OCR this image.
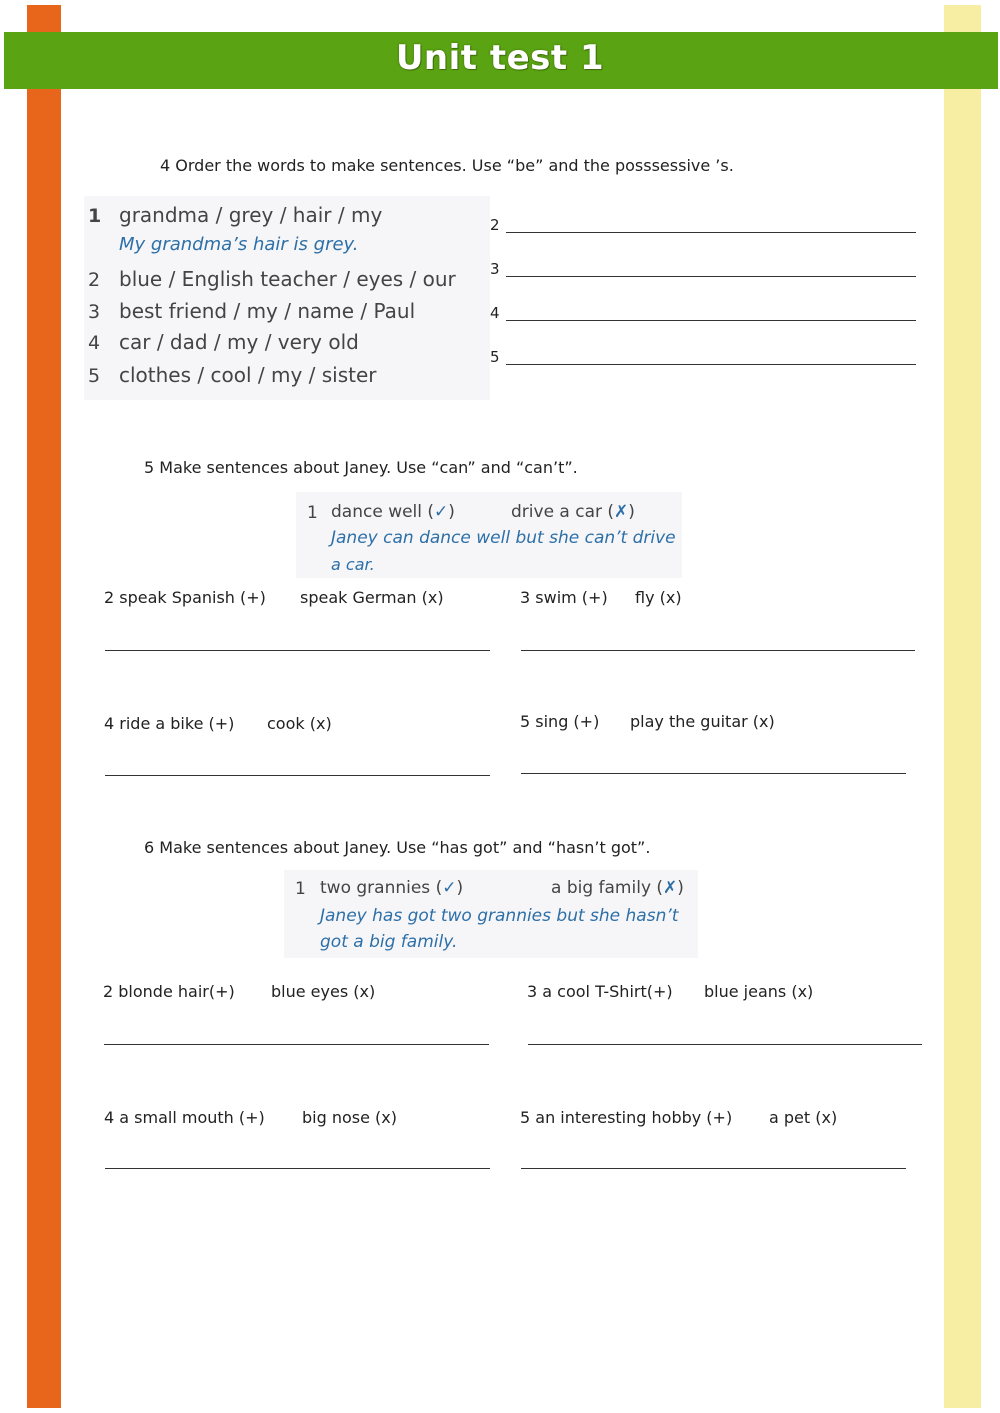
Unit test 1
4 Order the words to make sentences. Use “be” and the posssessive ’s.
1 grandma / grey / hair / my
My grandma’s hair is grey.
2 blue / English teacher / eyes / our
3 best friend / my / name / Paul
4 car / dad / my / very old
5 clothes / cool / my / sister
2
3
4
5
5 Make sentences about Janey. Use “can” and “can’t”.
1 dance well (✓)	drive a car (✗)
Janey can dance well but she can’t drive
a car.
2 speak Spanish (+) speak German (x)	3 swim (+) fly (x)
4 ride a bike (+) cook (x)	5 sing (+) play the guitar (x)
6 Make sentences about Janey. Use “has got” and “hasn’t got”.
1 two grannies (✓)	a big family (✗)
Janey has got two grannies but she hasn’t
got a big family.
2 blonde hair(+) blue eyes (x)	3 a cool T-Shirt(+) blue jeans (x)
4 a small mouth (+) big nose (x)	5 an interesting hobby (+) a pet (x)
